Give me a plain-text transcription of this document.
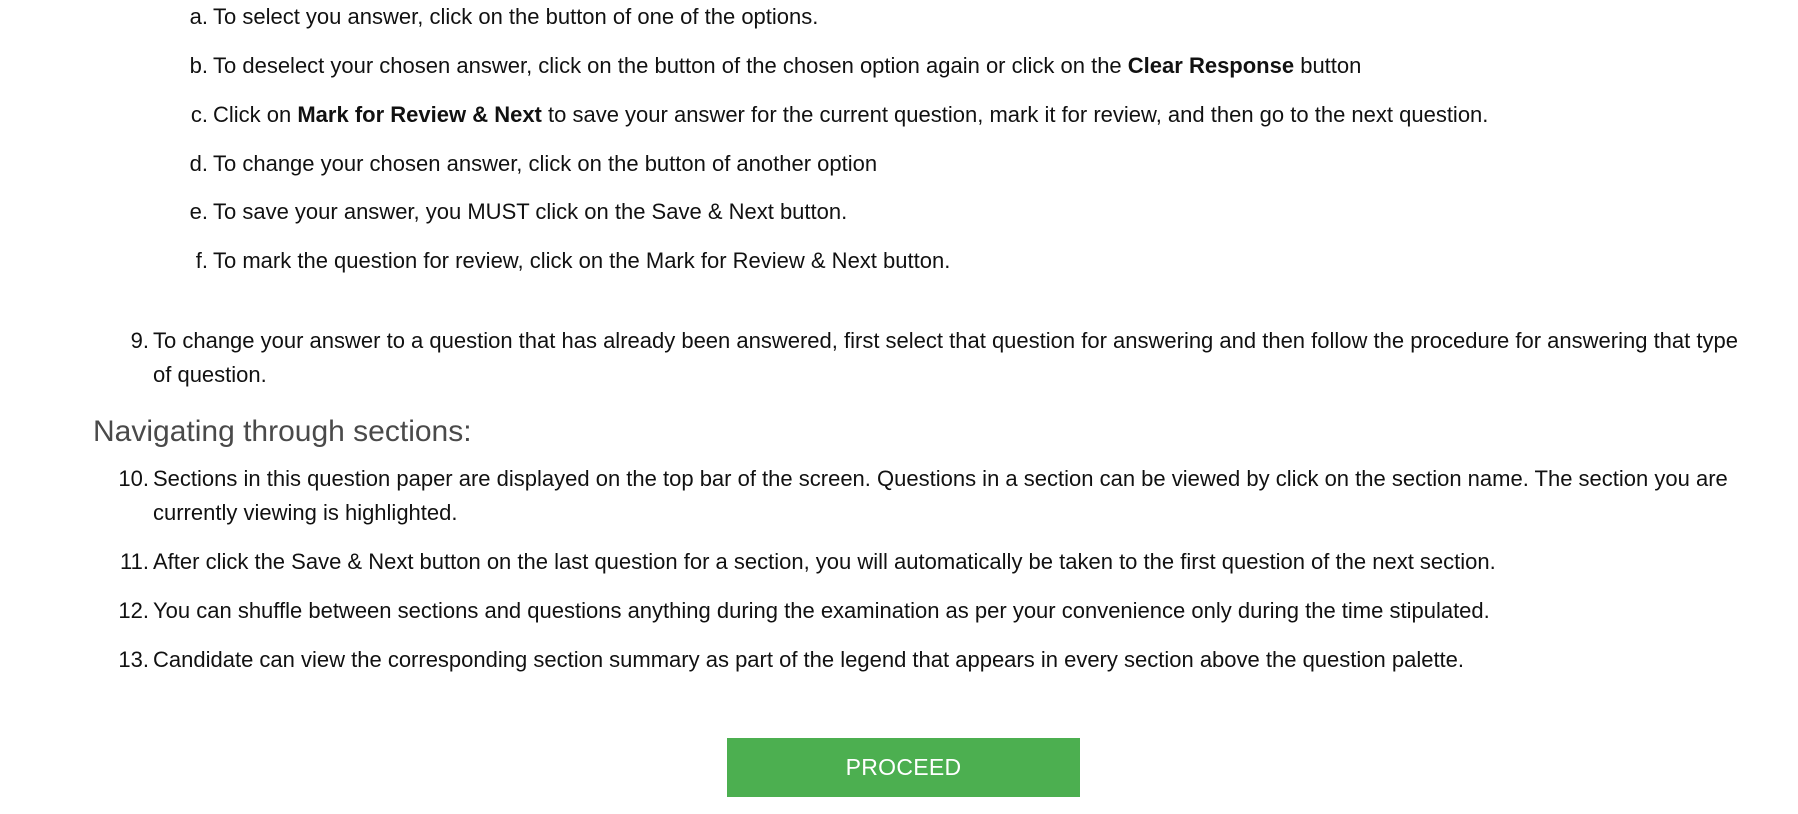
a. To select you answer, click on the button of one of the options.
b. To deselect your chosen answer, click on the button of the chosen option again or click on the Clear Response button
c. Click on Mark for Review & Next to save your answer for the current question, mark it for review, and then go to the next question.
d. To change your chosen answer, click on the button of another option
e. To save your answer, you MUST click on the Save & Next button.
f. To mark the question for review, click on the Mark for Review & Next button.
9. To change your answer to a question that has already been answered, first select that question for answering and then follow the procedure for answering that type of question.
Navigating through sections:
10. Sections in this question paper are displayed on the top bar of the screen. Questions in a section can be viewed by click on the section name. The section you are currently viewing is highlighted.
11. After click the Save & Next button on the last question for a section, you will automatically be taken to the first question of the next section.
12. You can shuffle between sections and questions anything during the examination as per your convenience only during the time stipulated.
13. Candidate can view the corresponding section summary as part of the legend that appears in every section above the question palette.
PROCEED
